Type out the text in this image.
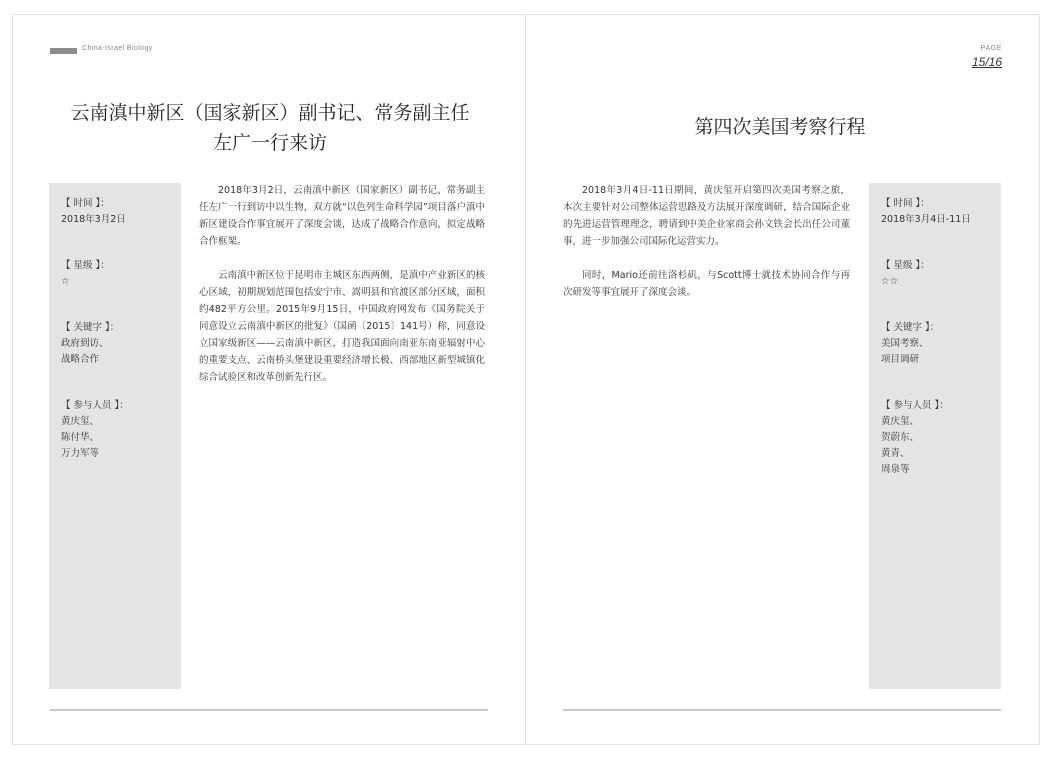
China-Israel Biology	PAGE
15/16
云南滇中新区（国家新区）副书记、常务副主任
左广一行来访
【 时间 】：
2018年3月2日
【 星级 】：
☆
【 关键字 】：
政府到访、
战略合作
【 参与人员 】：
黄庆玺、
陈付华、
万力军等

2018年3月2日，云南滇中新区（国家新区）副书记、常务副主任左广一行到访中以生物，双方就“以色列生命科学园”项目落户滇中新区建设合作事宜展开了深度会谈，达成了战略合作意向，拟定战略合作框架。

云南滇中新区位于昆明市主城区东西两侧，是滇中产业新区的核心区域，初期规划范围包括安宁市、嵩明县和官渡区部分区域，面积约482平方公里。2015年9月15日，中国政府网发布《国务院关于同意设立云南滇中新区的批复》（国函〔2015〕141号）称，同意设立国家级新区——云南滇中新区，打造我国面向南亚东南亚辐射中心的重要支点、云南桥头堡建设重要经济增长极、西部地区新型城镇化综合试验区和改革创新先行区。

第四次美国考察行程

2018年3月4日-11日期间，黄庆玺开启第四次美国考察之旅，本次主要针对公司整体运营思路及方法展开深度调研，结合国际企业的先进运营管理理念，聘请到中美企业家商会孙文铁会长出任公司董事，进一步加强公司国际化运营实力。

同时，Mario还前往洛杉矶，与Scott博士就技术协同合作与再次研发等事宜展开了深度会谈。

【 时间 】：
2018年3月4日-11日
【 星级 】：
☆☆
【 关键字 】：
美国考察、
项目调研
【 参与人员 】：
黄庆玺、
贺蔚东、
黄青、
周泉等
